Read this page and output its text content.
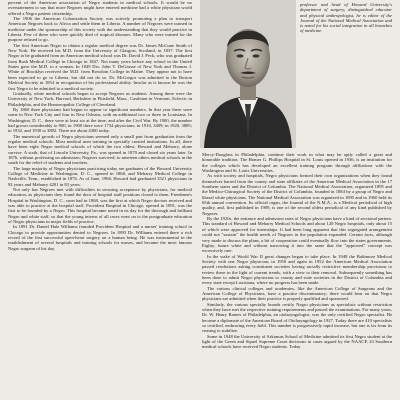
percent of the American association of Negro students in medical schools. It would be no overstatement to say that more Negroes might have entered medicine had a white physician world offered a Negro patient citizenship.

The 1906 the American Colonization Society was actively promoting a plan to transport American Negroes back to Africa and settle them in Liberia. A number of Negroes were trained in medicine under the sponsorship of this society with the understanding that they would practice in Liberia. Few of these who were quickly died of tropical diseases. Many who were trained for the purpose refused to go.

The first American Negro to obtain a regular medical degree was Dr. James McCune Smith of New York. He received his M.D. from the University of Glasgow, Scotland, in 1837. The first Negro to be graduated from an American medical school was Dr. David J. Peck, who was graduated from Rush Medical College in Chicago in 1847. Not many years before any school in the United States gave the M.D. to a woman. In 1849 Drs. John V. DeGrasse of New York and Thomas J. White of Brooklyn received the M.D. from Bowdoin College in Maine. They appear not to have been expected to go to Liberia, but did not do so. Dr. McGregor was admitted to the Boston Medical Society in 1854 in recognition of his professional ability. Insofar as is known he was the first Negro to be admitted to a medical society.

Gradually, white medical schools began to accept Negroes as students. Among these were the University of New York, Harvard, Berkshire in Pittsfield, Mass., Castleton in Vermont, Eclectic in Philadelphia, and the Homoeopathic College of Cleveland.

By 1860 three physicians had begun to appear to significant numbers. In that year there were some in New York City and four in New Orleans, with an additional two or three in Louisiana. In Washington, D. C., there were at least six at the time, and after the Civil War. By 1900, the number had grown considerably to 900, in 1900 there were 1734 physicians; in 1910, 3409; in 1920, 3885; in 1932, and 1930 to 3802. There are about 4300 today.

The numerical growth of Negro physicians seemed only a small part from graduation from the regular medical schools. Most medical men training in specially created institutions. In all, there have been eight Negro medical schools of which the two oldest, Howard and Meharry, alone survive. A sixth, that of Lincoln University, Pa., was opened in 1870 and closed six years later. In 1876, without professing on admission; Negroes survived; to nineteen others medical schools in the south for the relief of students and teachers.

The large majority of Negro physicians practicing today are graduates of the Howard University College of Medicine in Washington, D. C., opened in 1868, and Meharry Medical College in Nashville, Tenn., established in 1876. As of June, 1960, Howard had graduated 3521 physicians in 92 years and Meharry 4201 in 83 years.

Not only has Negroes met with difficulties in securing acceptance by physicians, for medical education, as physicians they found the door of hospital staff positions closed to them. Freedmen's Hospital in Washington, D. C., soon had in 1868, was the first at which Negro doctors received and was able to practice at the hospital staff. Provident Hospital in Chicago, opened in 1891, was the first to be founded by a Negro. This hospital became noted in its day for the thorough and brilliant Negro and white staff, so that the young interns of all races went on to the postgraduate education of Negro physicians in major fields of practice.

In 1891 Dr. Daniel Hale Williams founded Provident Hospital and a nurses' training school in Chicago to provide opportunities denied to Negroes. In 1893 Dr. Williams entered there a rich record of the first successful open-heart surgery on a human being. He was instrumental in the establishment of several hospitals and training schools for nurses, and became the most famous Negro surgeon of his day.

professor and head of Howard University's department of surgery, distinguished educator and physical anthropologist, he is editor of the Journal of the National Medical Association and is noted for his social integration in all branches of medicine.

Mercy-Douglass in Philadelphia, continue their work in what may be aptly called a great and honorable tradition. The Homer G. Phillips Hospital in St. Louis opened in 1936, is an institution for the colleges which has developed an excellent training program through affiliations with the Washington and St. Louis Universities.

As with society and hospitals, Negro physicians formed their own organizations when they found themselves barred from the county and state affiliates of the American Medical Association in the 17 Southern states and the District of Columbia. The National Medical Association, organized 1895 and the Medico-Chirurgical Society of the District of Columbia, founded in 1884 by a group of Negro and liberal white physicians. The National Medical Association was organized in 1895 and in 1960 held its 65th annual convention. Its official organ, the Journal of the N.M.A., is a Medical periodical of high quality, and, first published in 1909, is one of the second oldest periodical of any kind published by Negroes.

By the 1920s, the entrance and admission rates of Negro physicians have a kind of sectional pattern. This standard of Howard and Meharry Medical Schools and about 120 Negro hospitals, only about 15 of which were approved for internships. It had been long apparent that this segregated arrangement could not "sustain" the health needs of Negroes in the population expanded. Certain facts, although very made to discuss the plans, a bit of cooperation could eventually flow into the states governments. Eighty, future white and without narrowing it into the same that the "approved" concept was excessively rare.

In the wake of World War II great changes began to take place. In 1948 the Baltimore Medical Society with one Negro physician; in 1950 and again in 1952 the American Medical Association passed resolutions asking constituent societies having racially restrictive membership provisions to review these in the light of current trends, with a view to their removal. Subsequently something has been done to admit Negro physicians to county and state societies in the District of Columbia and every state except Louisiana, where no progress has been made.

The various clinical colleges and academies, like the American College of Surgeons and the American College of Physicians, have a practice discriminatory; there would bear on that Negro physicians are admitted when their practice is properly qualified and sponsored.

Similarly, the various specialty boards certify Negro physicians as specialists without restriction when they have met the respective training requirements and passed the examinations. For many years, Dr. W. Henry Barnes of Philadelphia, an otolaryngologist, was the only certified Negro specialist. He became a diplomate of the American Board of Otolaryngology in 1927. Today there are 410 specialists so certified, embracing every field. This number is progressively rapid increase, but one is far from its ceasing to stabilize.

Some in 1948 the University of Arkansas School of Medicine admitted its first Negro student at the light of the Green and Sipuel Supreme Court decisions in cases argued by the NAACP, 23 Southern medical schools have received Negro students. Today
